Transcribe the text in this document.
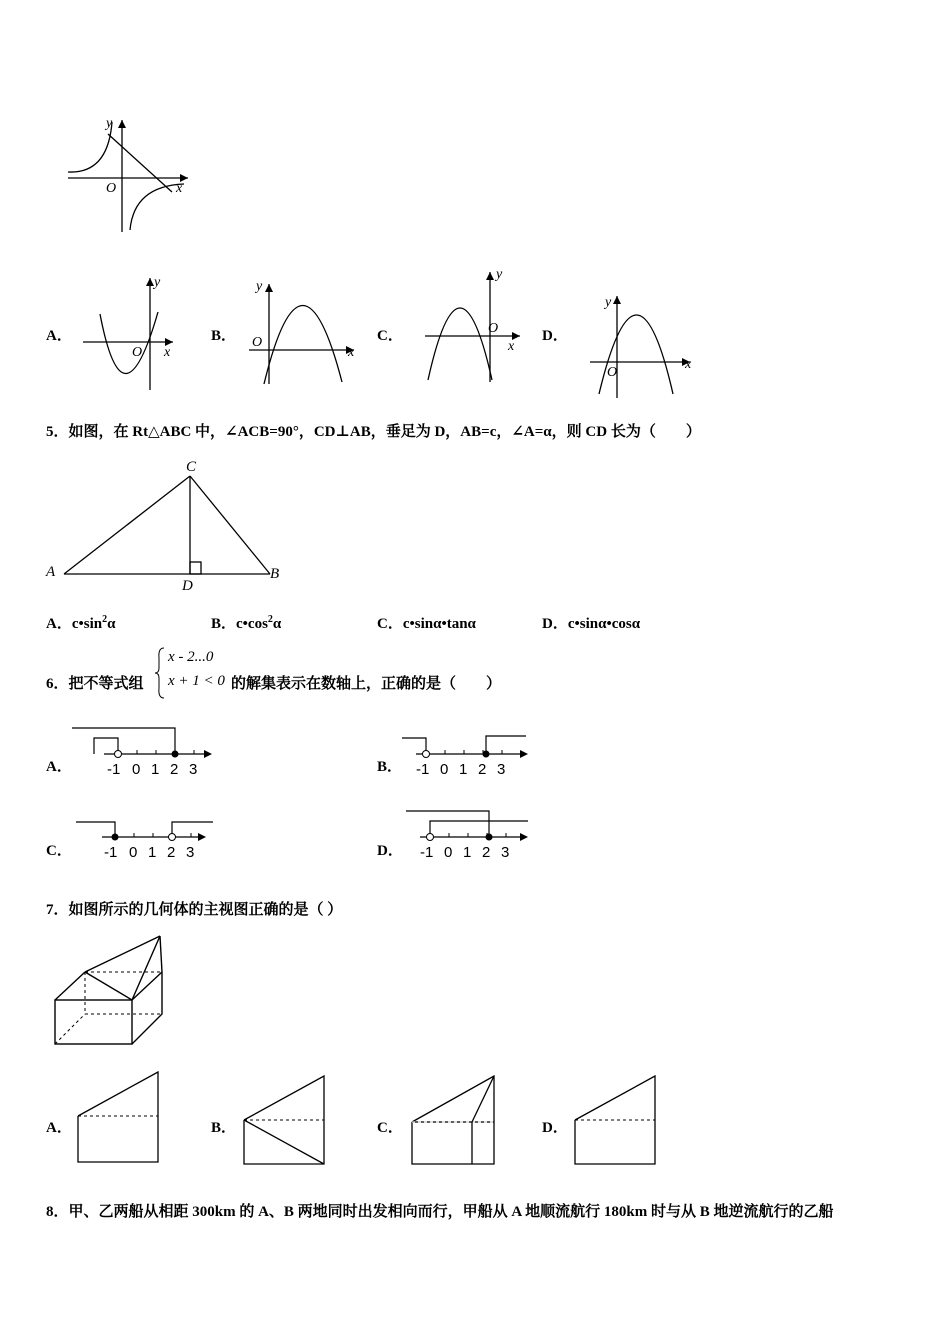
y
x
O
A．
y
x
O
B．
y
x
O	C．
y
x
O	D．
y
x
O
5．如图，在 Rt△ABC 中，∠ACB=90°，CD⊥AB，垂足为 D，AB=c，∠A=α，则 CD 长为（　　）
C
A	B
D
A．$c•\sin^2\alpha$	B．$c•\cos^2\alpha$	C．c•sinα•tanα	D．c•sinα•cosα
6．把不等式组
x - 2...0
x + 1 < 0 的解集表示在数轴上，正确的是（　　）
A． -1 0 1 2 3	B． -1 0 1 2 3
C． -1 0 1 2 3	D． -1 0 1 2 3
7．如图所示的几何体的主视图正确的是（ ）
A．	B．	C．	D．
8．甲、乙两船从相距 300km 的 A、B 两地同时出发相向而行，甲船从 A 地顺流航行 180km 时与从 B 地逆流航行的乙船
